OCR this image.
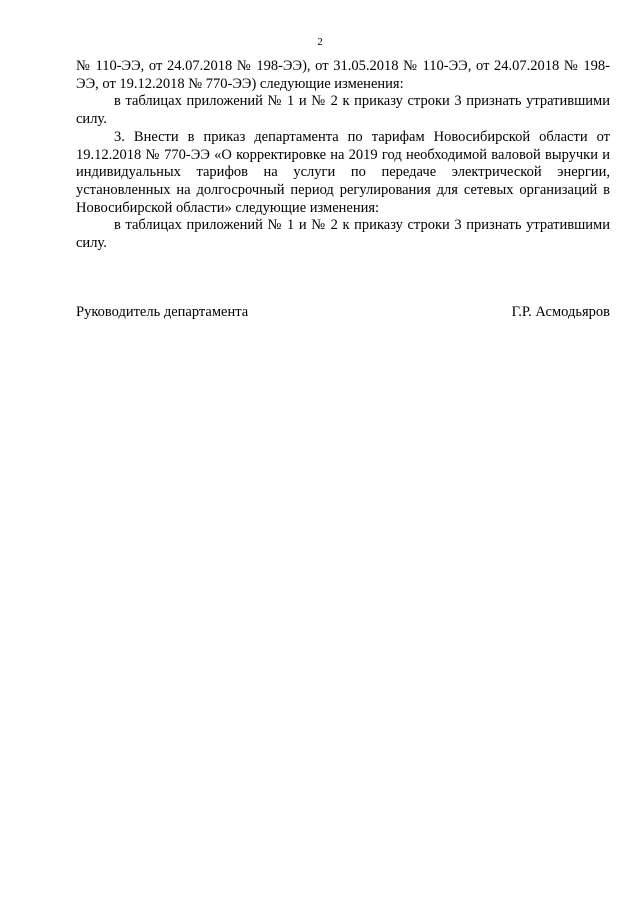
2

№ 110-ЭЭ, от 24.07.2018 № 198-ЭЭ), от 31.05.2018 № 110-ЭЭ, от 24.07.2018 № 198-ЭЭ, от 19.12.2018 № 770-ЭЭ) следующие изменения:

в таблицах приложений № 1 и № 2 к приказу строки 3 признать утратившими силу.

3. Внести в приказ департамента по тарифам Новосибирской области от 19.12.2018 № 770-ЭЭ «О корректировке на 2019 год необходимой валовой выручки и индивидуальных тарифов на услуги по передаче электрической энергии, установленных на долгосрочный период регулирования для сетевых организаций в Новосибирской области» следующие изменения:

в таблицах приложений № 1 и № 2 к приказу строки 3 признать утратившими силу.

Руководитель департамента	Г.Р. Асмодьяров
